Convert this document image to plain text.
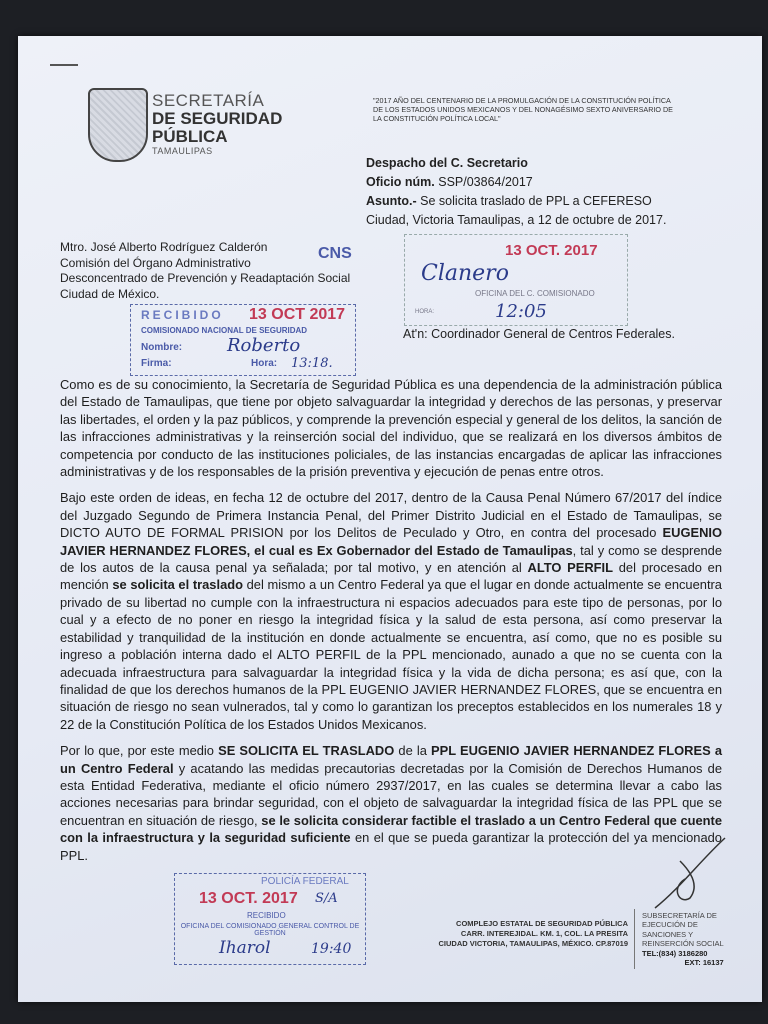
SECRETARÍA
DE SEGURIDAD
PÚBLICA
TAMAULIPAS
"2017 AÑO DEL CENTENARIO DE LA PROMULGACIÓN DE LA CONSTITUCIÓN POLÍTICA DE LOS ESTADOS UNIDOS MEXICANOS Y DEL NONAGÉSIMO SEXTO ANIVERSARIO DE LA CONSTITUCIÓN POLÍTICA LOCAL"
Despacho del C. Secretario
Oficio núm. SSP/03864/2017
Asunto.- Se solicita traslado de PPL a CEFERESO
Ciudad, Victoria Tamaulipas, a 12 de octubre de 2017.
13 OCT. 2017
Clanero
OFICINA DEL C. COMISIONADO
HORA:	12:05
Mtro. José Alberto Rodríguez Calderón
Comisión del Órgano Administrativo
Desconcentrado de Prevención y Readaptación Social
Ciudad de México.
CNS
RECIBIDO 13 OCT 2017
COMISIONADO NACIONAL DE SEGURIDAD
Nombre: Roberto
Firma:	Hora: 13:18.
At'n: Coordinador General de Centros Federales.
Como es de su conocimiento, la Secretaría de Seguridad Pública es una dependencia de la administración pública del Estado de Tamaulipas, que tiene por objeto salvaguardar la integridad y derechos de las personas, y preservar las libertades, el orden y la paz públicos, y comprende la prevención especial y general de los delitos, la sanción de las infracciones administrativas y la reinserción social del individuo, que se realizará en los diversos ámbitos de competencia por conducto de las instituciones policiales, de las instancias encargadas de aplicar las infracciones administrativas y de los responsables de la prisión preventiva y ejecución de penas entre otros.
Bajo este orden de ideas, en fecha 12 de octubre del 2017, dentro de la Causa Penal Número 67/2017 del índice del Juzgado Segundo de Primera Instancia Penal, del Primer Distrito Judicial en el Estado de Tamaulipas, se DICTO AUTO DE FORMAL PRISION por los Delitos de Peculado y Otro, en contra del procesado EUGENIO JAVIER HERNANDEZ FLORES, el cual es Ex Gobernador del Estado de Tamaulipas, tal y como se desprende de los autos de la causa penal ya señalada; por tal motivo, y en atención al ALTO PERFIL del procesado en mención se solicita el traslado del mismo a un Centro Federal ya que el lugar en donde actualmente se encuentra privado de su libertad no cumple con la infraestructura ni espacios adecuados para este tipo de personas, por lo cual y a efecto de no poner en riesgo la integridad física y la salud de esta persona, así como preservar la estabilidad y tranquilidad de la institución en donde actualmente se encuentra, así como, que no es posible su ingreso a población interna dado el ALTO PERFIL de la PPL mencionado, aunado a que no se cuenta con la adecuada infraestructura para salvaguardar la integridad física y la vida de dicha persona; es así que, con la finalidad de que los derechos humanos de la PPL EUGENIO JAVIER HERNANDEZ FLORES, que se encuentra en situación de riesgo no sean vulnerados, tal y como lo garantizan los preceptos establecidos en los numerales 18 y 22 de la Constitución Política de los Estados Unidos Mexicanos.
Por lo que, por este medio SE SOLICITA EL TRASLADO de la PPL EUGENIO JAVIER HERNANDEZ FLORES a un Centro Federal y acatando las medidas precautorias decretadas por la Comisión de Derechos Humanos de esta Entidad Federativa, mediante el oficio número 2937/2017, en las cuales se determina llevar a cabo las acciones necesarias para brindar seguridad, con el objeto de salvaguardar la integridad física de las PPL que se encuentran en situación de riesgo, se le solicita considerar factible el traslado a un Centro Federal que cuente con la infraestructura y la seguridad suficiente en el que se pueda garantizar la protección del ya mencionado PPL.
POLICÍA FEDERAL
13 OCT. 2017 S/A
RECIBIDO
OFICINA DEL COMISIONADO GENERAL CONTROL DE GESTIÓN
Iharol	19:40
COMPLEJO ESTATAL DE SEGURIDAD PÚBLICA
CARR. INTEREJIDAL. KM. 1, COL. LA PRESITA
CIUDAD VICTORIA, TAMAULIPAS, MÉXICO. CP.87019
SUBSECRETARÍA DE
EJECUCIÓN DE
SANCIONES Y
REINSERCIÓN SOCIAL
TEL:(834) 3186280
EXT: 16137
